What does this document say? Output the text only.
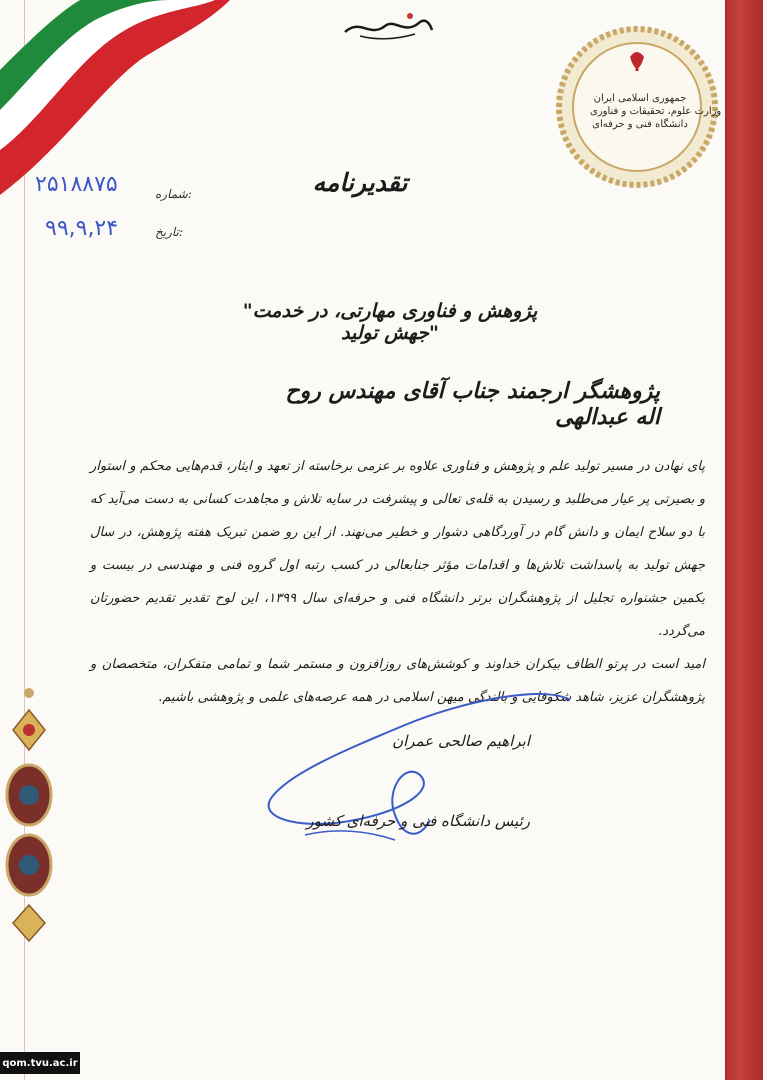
جمهوری اسلامی ایران
وزارت علوم، تحقیقات و فناوری
دانشگاه فنی و حرفه‌ای
تقدیرنامه
شماره:
۲۵۱۸۸۷۵
تاریخ:
۹۹,۹,۲۴
"پژوهش و فناوری مهارتی، در خدمت جهش تولید"
پژوهشگر ارجمند جناب آقای مهندس روح اله عبدالهی

پای نهادن در مسیر تولید علم و پژوهش و فناوری علاوه بر عزمی برخاسته از تعهد و ایثار، قدم‌هایی محکم و استوار و بصیرتی پر عیار می‌طلبد و رسیدن به قله‌ی تعالی و پیشرفت در سایه تلاش و مجاهدت کسانی به دست می‌آید که با دو سلاح ایمان و دانش گام در آوردگاهی دشوار و خطیر می‌نهند. از این رو ضمن تبریک هفته پژوهش، در سال جهش تولید به پاسداشت تلاش‌ها و اقدامات مؤثر جنابعالی در کسب رتبه اول گروه فنی و مهندسی در بیست و یکمین جشنواره تجلیل از پژوهشگران برتر دانشگاه فنی و حرفه‌ای سال ۱۳۹۹، این لوح تقدیر تقدیم حضورتان می‌گردد.

امید است در پرتو الطاف بیکران خداوند و کوشش‌های روزافزون و مستمر شما و تمامی متفکران، متخصصان و پژوهشگران عزیز، شاهد شکوفایی و بالندگی میهن اسلامی در همه عرصه‌های علمی و پژوهشی باشیم.

ابراهیم صالحی عمران
رئیس دانشگاه فنی و حرفه‌ای کشور
qom.tvu.ac.ir
